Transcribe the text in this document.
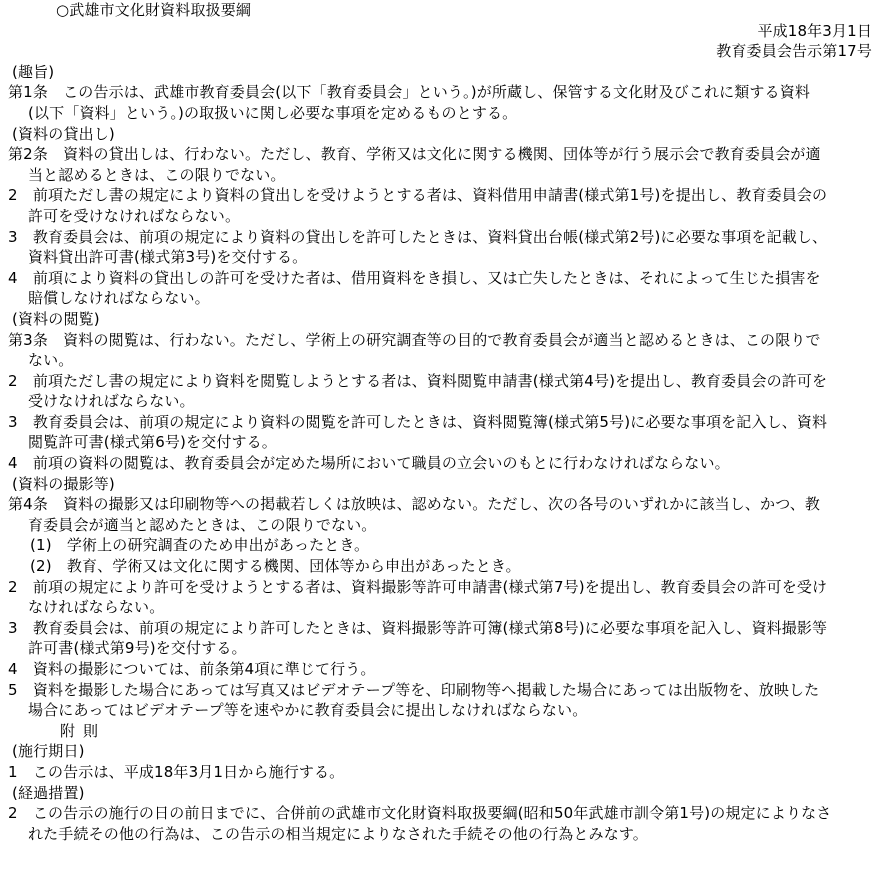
○武雄市文化財資料取扱要綱
平成18年3月1日
教育委員会告示第17号
(趣旨)
第1条　この告示は、武雄市教育委員会(以下「教育委員会」という。)が所蔵し、保管する文化財及びこれに類する資料
(以下「資料」という。)の取扱いに関し必要な事項を定めるものとする。
(資料の貸出し)
第2条　資料の貸出しは、行わない。ただし、教育、学術又は文化に関する機関、団体等が行う展示会で教育委員会が適
当と認めるときは、この限りでない。
2　前項ただし書の規定により資料の貸出しを受けようとする者は、資料借用申請書(様式第1号)を提出し、教育委員会の
許可を受けなければならない。
3　教育委員会は、前項の規定により資料の貸出しを許可したときは、資料貸出台帳(様式第2号)に必要な事項を記載し、
資料貸出許可書(様式第3号)を交付する。
4　前項により資料の貸出しの許可を受けた者は、借用資料をき損し、又は亡失したときは、それによって生じた損害を
賠償しなければならない。
(資料の閲覧)
第3条　資料の閲覧は、行わない。ただし、学術上の研究調査等の目的で教育委員会が適当と認めるときは、この限りで
ない。
2　前項ただし書の規定により資料を閲覧しようとする者は、資料閲覧申請書(様式第4号)を提出し、教育委員会の許可を
受けなければならない。
3　教育委員会は、前項の規定により資料の閲覧を許可したときは、資料閲覧簿(様式第5号)に必要な事項を記入し、資料
閲覧許可書(様式第6号)を交付する。
4　前項の資料の閲覧は、教育委員会が定めた場所において職員の立会いのもとに行わなければならない。
(資料の撮影等)
第4条　資料の撮影又は印刷物等への掲載若しくは放映は、認めない。ただし、次の各号のいずれかに該当し、かつ、教
育委員会が適当と認めたときは、この限りでない。
(1)　学術上の研究調査のため申出があったとき。
(2)　教育、学術又は文化に関する機関、団体等から申出があったとき。
2　前項の規定により許可を受けようとする者は、資料撮影等許可申請書(様式第7号)を提出し、教育委員会の許可を受け
なければならない。
3　教育委員会は、前項の規定により許可したときは、資料撮影等許可簿(様式第8号)に必要な事項を記入し、資料撮影等
許可書(様式第9号)を交付する。
4　資料の撮影については、前条第4項に準じて行う。
5　資料を撮影した場合にあっては写真又はビデオテープ等を、印刷物等へ掲載した場合にあっては出版物を、放映した
場合にあってはビデオテープ等を速やかに教育委員会に提出しなければならない。
附則
(施行期日)
1　この告示は、平成18年3月1日から施行する。
(経過措置)
2　この告示の施行の日の前日までに、合併前の武雄市文化財資料取扱要綱(昭和50年武雄市訓令第1号)の規定によりなさ
れた手続その他の行為は、この告示の相当規定によりなされた手続その他の行為とみなす。
